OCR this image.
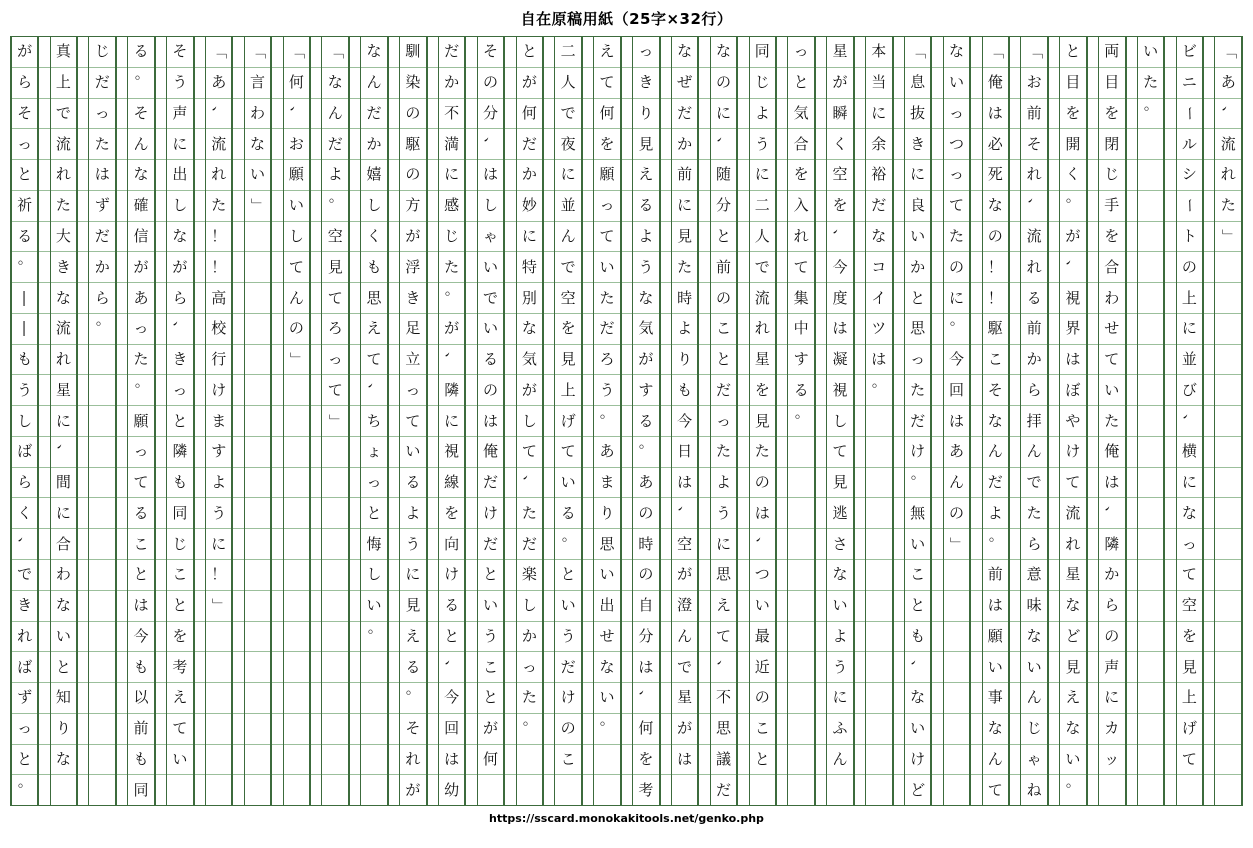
自在原稿用紙（25字×32行）
「
あ
、
流
れ
た
」
ビ
ニ
ー
ル
シ
ー
ト
の
上
に
並
び
、
横
に
な
っ
て
空
を
見
上
げ
て
い
た
。
両
目
を
閉
じ
手
を
合
わ
せ
て
い
た
俺
は
、
隣
か
ら
の
声
に
カ
ッ
と
目
を
開
く
。
が
、
視
界
は
ぼ
や
け
て
流
れ
星
な
ど
見
え
な
い
。
「
お
前
そ
れ
、
流
れ
る
前
か
ら
拝
ん
で
た
ら
意
味
な
い
ん
じ
ゃ
ね
「
俺
は
必
死
な
の
！
！
駆
こ
そ
な
ん
だ
よ
。
前
は
願
い
事
な
ん
て
な
い
っ
つ
っ
て
た
の
に
。
今
回
は
あ
ん
の
」
「
息
抜
き
に
良
い
か
と
思
っ
た
だ
け
。
無
い
こ
と
も
、
な
い
け
ど
本
当
に
余
裕
だ
な
コ
イ
ツ
は
。
星
が
瞬
く
空
を
、
今
度
は
凝
視
し
て
見
逃
さ
な
い
よ
う
に
ふ
ん
っ
と
気
合
を
入
れ
て
集
中
す
る
。
同
じ
よ
う
に
二
人
で
流
れ
星
を
見
た
の
は
、
つ
い
最
近
の
こ
と
な
の
に
、
随
分
と
前
の
こ
と
だ
っ
た
よ
う
に
思
え
て
、
不
思
議
だ
な
ぜ
だ
か
前
に
見
た
時
よ
り
も
今
日
は
、
空
が
澄
ん
で
星
が
は
っ
き
り
見
え
る
よ
う
な
気
が
す
る
。
あ
の
時
の
自
分
は
、
何
を
考
え
て
何
を
願
っ
て
い
た
だ
ろ
う
。
あ
ま
り
思
い
出
せ
な
い
。
二
人
で
夜
に
並
ん
で
空
を
見
上
げ
て
い
る
。
と
い
う
だ
け
の
こ
と
が
何
だ
か
妙
に
特
別
な
気
が
し
て
、
た
だ
楽
し
か
っ
た
。
そ
の
分
、
は
し
ゃ
い
で
い
る
の
は
俺
だ
け
だ
と
い
う
こ
と
が
何
だ
か
不
満
に
感
じ
た
。
が
、
隣
に
視
線
を
向
け
る
と
、
今
回
は
幼
馴
染
の
駆
の
方
が
浮
き
足
立
っ
て
い
る
よ
う
に
見
え
る
。
そ
れ
が
な
ん
だ
か
嬉
し
く
も
思
え
て
、
ち
ょ
っ
と
悔
し
い
。
「
な
ん
だ
よ
。
空
見
て
ろ
っ
て
」
「
何
、
お
願
い
し
て
ん
の
」
「
言
わ
な
い
」
「
あ
、
流
れ
た
！
！
高
校
行
け
ま
す
よ
う
に
！
」
そ
う
声
に
出
し
な
が
ら
、
き
っ
と
隣
も
同
じ
こ
と
を
考
え
て
い
る
。
そ
ん
な
確
信
が
あ
っ
た
。
願
っ
て
る
こ
と
は
今
も
以
前
も
同
じ
だ
っ
た
は
ず
だ
か
ら
。
真
上
で
流
れ
た
大
き
な
流
れ
星
に
、
間
に
合
わ
な
い
と
知
り
な
が
ら
そ
っ
と
祈
る
。
―
―
も
う
し
ば
ら
く
、
で
き
れ
ば
ず
っ
と
。
https://sscard.monokakitools.net/genko.php
